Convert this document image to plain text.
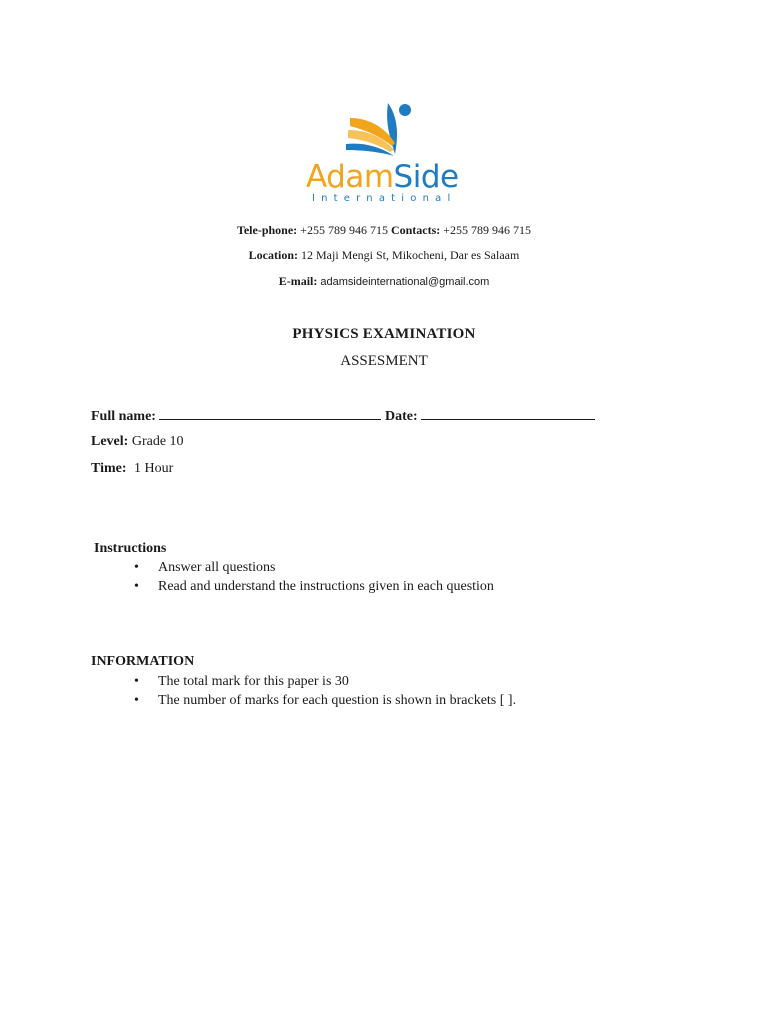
AdamSide
International
Tele-phone: +255 789 946 715 Contacts: +255 789 946 715
Location: 12 Maji Mengi St, Mikocheni, Dar es Salaam
E-mail: adamsideinternational@gmail.com
PHYSICS EXAMINATION
ASSESMENT
Full name:	Date:
Level: Grade 10
Time: 1 Hour
Instructions
• Answer all questions
• Read and understand the instructions given in each question
INFORMATION
• The total mark for this paper is 30
• The number of marks for each question is shown in brackets [ ].
